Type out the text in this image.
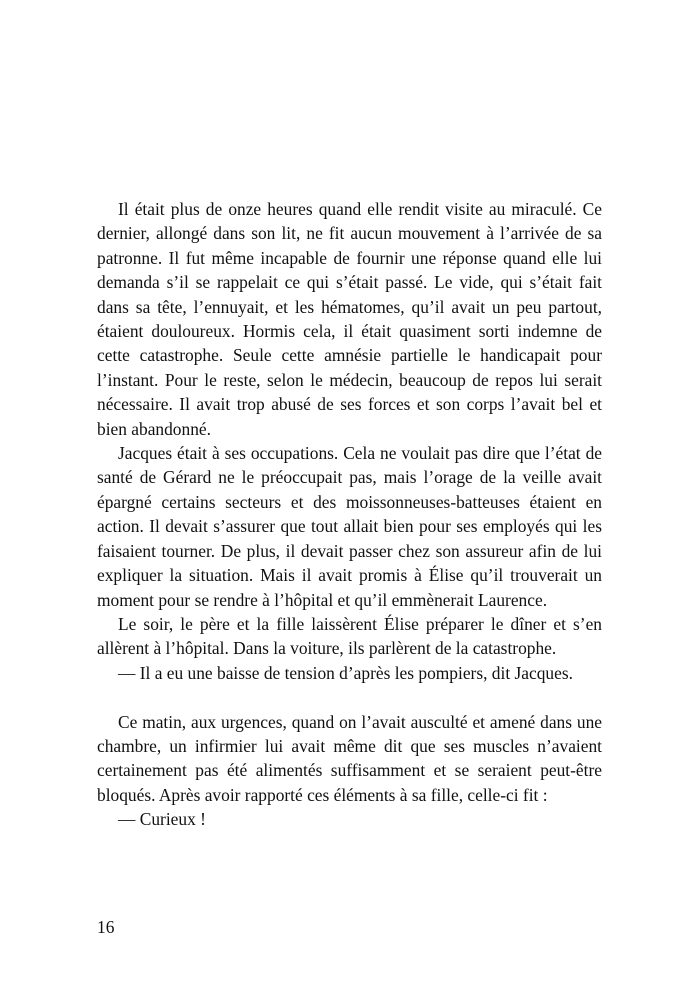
Il était plus de onze heures quand elle rendit visite au miraculé. Ce dernier, allongé dans son lit, ne fit aucun mouvement à l’arrivée de sa patronne. Il fut même incapable de fournir une réponse quand elle lui demanda s’il se rappelait ce qui s’était passé. Le vide, qui s’était fait dans sa tête, l’ennuyait, et les hématomes, qu’il avait un peu partout, étaient douloureux. Hormis cela, il était quasiment sorti indemne de cette catastrophe. Seule cette amnésie partielle le handicapait pour l’instant. Pour le reste, selon le médecin, beaucoup de repos lui serait nécessaire. Il avait trop abusé de ses forces et son corps l’avait bel et bien abandonné.

Jacques était à ses occupations. Cela ne voulait pas dire que l’état de santé de Gérard ne le préoccupait pas, mais l’orage de la veille avait épargné certains secteurs et des moissonneuses-batteuses étaient en action. Il devait s’assurer que tout allait bien pour ses employés qui les faisaient tourner. De plus, il devait passer chez son assureur afin de lui expliquer la situation. Mais il avait promis à Élise qu’il trouverait un moment pour se rendre à l’hôpital et qu’il emmènerait Laurence.

Le soir, le père et la fille laissèrent Élise préparer le dîner et s’en allèrent à l’hôpital. Dans la voiture, ils parlèrent de la catastrophe.

— Il a eu une baisse de tension d’après les pompiers, dit Jacques.

Ce matin, aux urgences, quand on l’avait ausculté et amené dans une chambre, un infirmier lui avait même dit que ses muscles n’avaient certainement pas été alimentés suffisamment et se seraient peut-être bloqués. Après avoir rapporté ces éléments à sa fille, celle-ci fit :

— Curieux !

16
